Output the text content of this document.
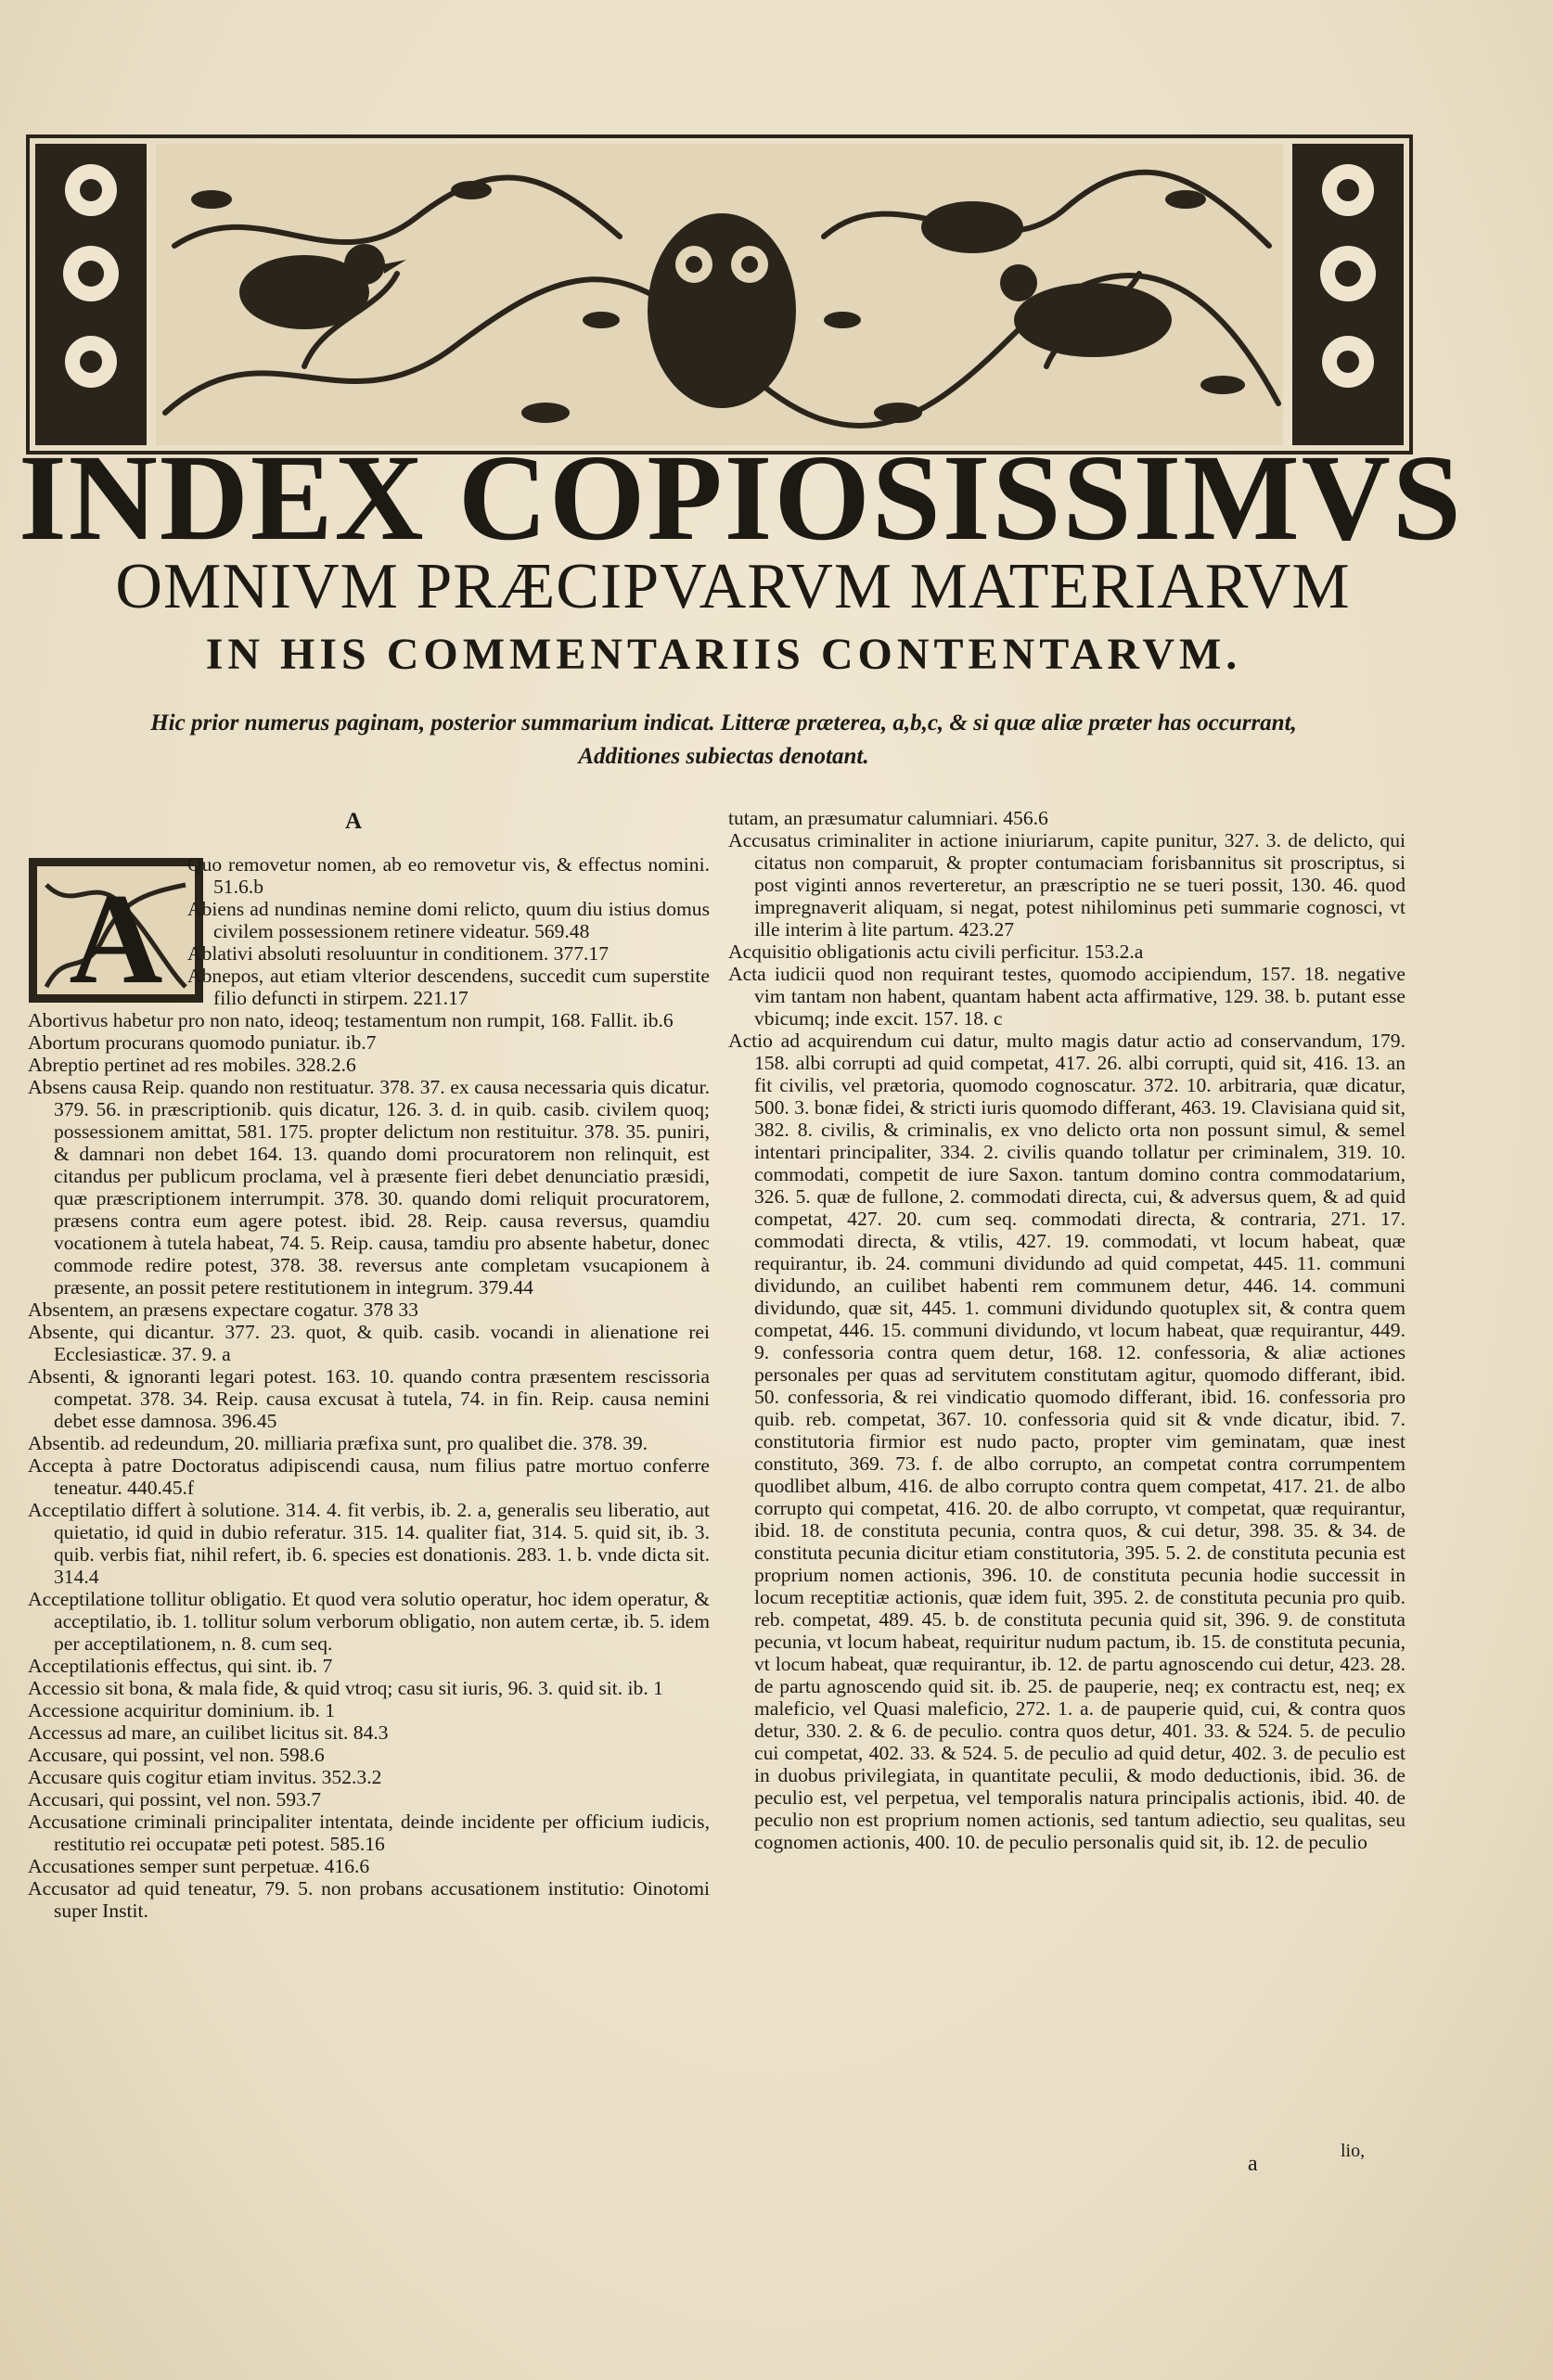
INDEX COPIOSISSIMVS
OMNIVM PRÆCIPVARVM MATERIARVM
IN HIS COMMENTARIIS CONTENTARVM.
Hic prior numerus paginam, posterior summarium indicat. Litteræ præterea, a,b,c, & si quæ aliæ præter has occurrant, Additiones subiectas denotant.
A
A

Quo removetur nomen, ab eo removetur vis, & effectus nomini. 51.6.b

Abiens ad nundinas nemine domi relicto, quum diu istius domus civilem possessionem retinere videatur. 569.48

Ablativi absoluti resoluuntur in conditionem. 377.17

Abnepos, aut etiam vlterior descendens, succedit cum superstite filio defuncti in stirpem. 221.17

Abortivus habetur pro non nato, ideoq; testamentum non rumpit, 168. Fallit. ib.6

Abortum procurans quomodo puniatur. ib.7

Abreptio pertinet ad res mobiles. 328.2.6

Absens causa Reip. quando non restituatur. 378. 37. ex causa necessaria quis dicatur. 379. 56. in præscriptionib. quis dicatur, 126. 3. d. in quib. casib. civilem quoq; possessionem amittat, 581. 175. propter delictum non restituitur. 378. 35. puniri, & damnari non debet 164. 13. quando domi procuratorem non relinquit, est citandus per publicum proclama, vel à præsente fieri debet denunciatio præsidi, quæ præscriptionem interrumpit. 378. 30. quando domi reliquit procuratorem, præsens contra eum agere potest. ibid. 28. Reip. causa reversus, quamdiu vocationem à tutela habeat, 74. 5. Reip. causa, tamdiu pro absente habetur, donec commode redire potest, 378. 38. reversus ante completam vsucapionem à præsente, an possit petere restitutionem in integrum. 379.44

Absentem, an præsens expectare cogatur. 378 33

Absente, qui dicantur. 377. 23. quot, & quib. casib. vocandi in alienatione rei Ecclesiasticæ. 37. 9. a

Absenti, & ignoranti legari potest. 163. 10. quando contra præsentem rescissoria competat. 378. 34. Reip. causa excusat à tutela, 74. in fin. Reip. causa nemini debet esse damnosa. 396.45

Absentib. ad redeundum, 20. milliaria præfixa sunt, pro qualibet die. 378. 39.

Accepta à patre Doctoratus adipiscendi causa, num filius patre mortuo conferre teneatur. 440.45.f

Acceptilatio differt à solutione. 314. 4. fit verbis, ib. 2. a, generalis seu liberatio, aut quietatio, id quid in dubio referatur. 315. 14. qualiter fiat, 314. 5. quid sit, ib. 3. quib. verbis fiat, nihil refert, ib. 6. species est donationis. 283. 1. b. vnde dicta sit. 314.4

Acceptilatione tollitur obligatio. Et quod vera solutio operatur, hoc idem operatur, & acceptilatio, ib. 1. tollitur solum verborum obligatio, non autem certæ, ib. 5. idem per acceptilationem, n. 8. cum seq.

Acceptilationis effectus, qui sint. ib. 7

Accessio sit bona, & mala fide, & quid vtroq; casu sit iuris, 96. 3. quid sit. ib. 1

Accessione acquiritur dominium. ib. 1

Accessus ad mare, an cuilibet licitus sit. 84.3

Accusare, qui possint, vel non. 598.6

Accusare quis cogitur etiam invitus. 352.3.2

Accusari, qui possint, vel non. 593.7

Accusatione criminali principaliter intentata, deinde incidente per officium iudicis, restitutio rei occupatæ peti potest. 585.16

Accusationes semper sunt perpetuæ. 416.6

Accusator ad quid teneatur, 79. 5. non probans accusationem institutio: Oinotomi super Instit.

tutam, an præsumatur calumniari. 456.6

Accusatus criminaliter in actione iniuriarum, capite punitur, 327. 3. de delicto, qui citatus non comparuit, & propter contumaciam forisbannitus sit proscriptus, si post viginti annos reverteretur, an præscriptio ne se tueri possit, 130. 46. quod impregnaverit aliquam, si negat, potest nihilominus peti summarie cognosci, vt ille interim à lite partum. 423.27

Acquisitio obligationis actu civili perficitur. 153.2.a

Acta iudicii quod non requirant testes, quomodo accipiendum, 157. 18. negative vim tantam non habent, quantam habent acta affirmative, 129. 38. b. putant esse vbicumq; inde excit. 157. 18. c

Actio ad acquirendum cui datur, multo magis datur actio ad conservandum, 179. 158. albi corrupti ad quid competat, 417. 26. albi corrupti, quid sit, 416. 13. an fit civilis, vel prætoria, quomodo cognoscatur. 372. 10. arbitraria, quæ dicatur, 500. 3. bonæ fidei, & stricti iuris quomodo differant, 463. 19. Clavisiana quid sit, 382. 8. civilis, & criminalis, ex vno delicto orta non possunt simul, & semel intentari principaliter, 334. 2. civilis quando tollatur per criminalem, 319. 10. commodati, competit de iure Saxon. tantum domino contra commodatarium, 326. 5. quæ de fullone, 2. commodati directa, cui, & adversus quem, & ad quid competat, 427. 20. cum seq. commodati directa, & contraria, 271. 17. commodati directa, & vtilis, 427. 19. commodati, vt locum habeat, quæ requirantur, ib. 24. communi dividundo ad quid competat, 445. 11. communi dividundo, an cuilibet habenti rem communem detur, 446. 14. communi dividundo, quæ sit, 445. 1. communi dividundo quotuplex sit, & contra quem competat, 446. 15. communi dividundo, vt locum habeat, quæ requirantur, 449. 9. confessoria contra quem detur, 168. 12. confessoria, & aliæ actiones personales per quas ad servitutem constitutam agitur, quomodo differant, ibid. 50. confessoria, & rei vindicatio quomodo differant, ibid. 16. confessoria pro quib. reb. competat, 367. 10. confessoria quid sit & vnde dicatur, ibid. 7. constitutoria firmior est nudo pacto, propter vim geminatam, quæ inest constituto, 369. 73. f. de albo corrupto, an competat contra corrumpentem quodlibet album, 416. de albo corrupto contra quem competat, 417. 21. de albo corrupto qui competat, 416. 20. de albo corrupto, vt competat, quæ requirantur, ibid. 18. de constituta pecunia, contra quos, & cui detur, 398. 35. & 34. de constituta pecunia dicitur etiam constitutoria, 395. 5. 2. de constituta pecunia est proprium nomen actionis, 396. 10. de constituta pecunia hodie successit in locum receptitiæ actionis, quæ idem fuit, 395. 2. de constituta pecunia pro quib. reb. competat, 489. 45. b. de constituta pecunia quid sit, 396. 9. de constituta pecunia, vt locum habeat, requiritur nudum pactum, ib. 15. de constituta pecunia, vt locum habeat, quæ requirantur, ib. 12. de partu agnoscendo cui detur, 423. 28. de partu agnoscendo quid sit. ib. 25. de pauperie, neq; ex contractu est, neq; ex maleficio, vel Quasi maleficio, 272. 1. a. de pauperie quid, cui, & contra quos detur, 330. 2. & 6. de peculio. contra quos detur, 401. 33. & 524. 5. de peculio cui competat, 402. 33. & 524. 5. de peculio ad quid detur, 402. 3. de peculio est in duobus privilegiata, in quantitate peculii, & modo deductionis, ibid. 36. de peculio est, vel perpetua, vel temporalis natura principalis actionis, ibid. 40. de peculio non est proprium nomen actionis, sed tantum adiectio, seu qualitas, seu cognomen actionis, 400. 10. de peculio personalis quid sit, ib. 12. de peculio

a
lio,
